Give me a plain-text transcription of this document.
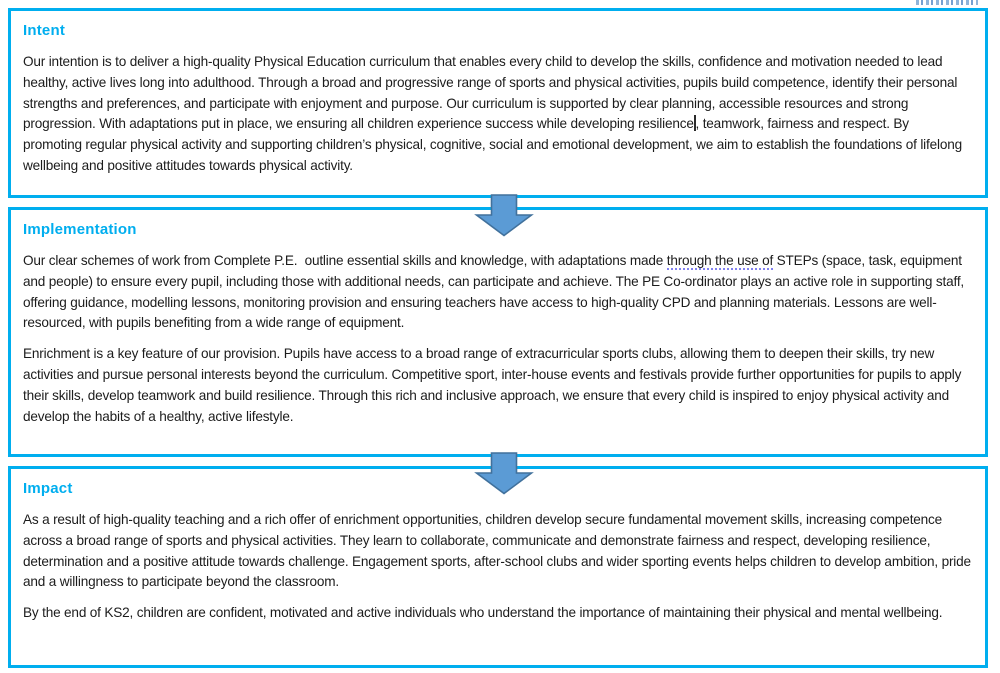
Intent

Our intention is to deliver a high-quality Physical Education curriculum that enables every child to develop the skills, confidence and motivation needed to lead healthy, active lives long into adulthood. Through a broad and progressive range of sports and physical activities, pupils build competence, identify their personal strengths and preferences, and participate with enjoyment and purpose. Our curriculum is supported by clear planning, accessible resources and strong progression. With adaptations put in place, we ensuring all children experience success while developing resilience , teamwork, fairness and respect. By promoting regular physical activity and supporting children’s physical, cognitive, social and emotional development, we aim to establish the foundations of lifelong wellbeing and positive attitudes towards physical activity.

Implementation

Our clear schemes of work from Complete P.E.  outline essential skills and knowledge, with adaptations made through the use of STEPs (space, task, equipment and people) to ensure every pupil, including those with additional needs, can participate and achieve. The PE Co-ordinator plays an active role in supporting staff, offering guidance, modelling lessons, monitoring provision and ensuring teachers have access to high-quality CPD and planning materials. Lessons are well-resourced, with pupils benefiting from a wide range of equipment.

Enrichment is a key feature of our provision. Pupils have access to a broad range of extracurricular sports clubs, allowing them to deepen their skills, try new activities and pursue personal interests beyond the curriculum. Competitive sport, inter-house events and festivals provide further opportunities for pupils to apply their skills, develop teamwork and build resilience. Through this rich and inclusive approach, we ensure that every child is inspired to enjoy physical activity and develop the habits of a healthy, active lifestyle.

Impact

As a result of high-quality teaching and a rich offer of enrichment opportunities, children develop secure fundamental movement skills, increasing competence across a broad range of sports and physical activities. They learn to collaborate, communicate and demonstrate fairness and respect, developing resilience, determination and a positive attitude towards challenge. Engagement sports, after-school clubs and wider sporting events helps children to develop ambition, pride and a willingness to participate beyond the classroom.

By the end of KS2, children are confident, motivated and active individuals who understand the importance of maintaining their physical and mental wellbeing.
